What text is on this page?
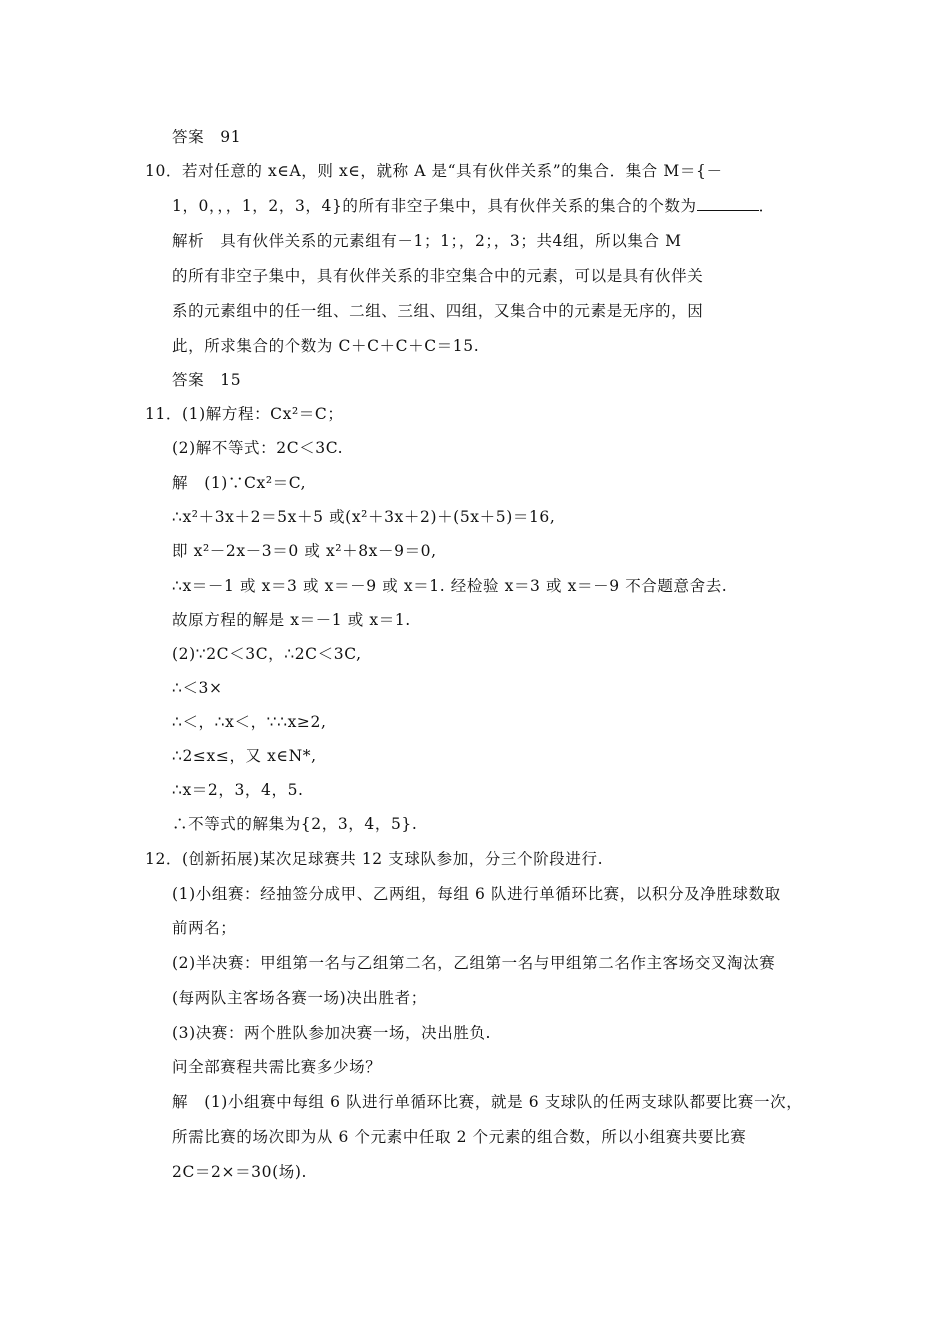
答案　91
10．若对任意的 x∈A，则 x∈，就称 A 是“具有伙伴关系”的集合．集合 M＝{－
1，0，，，1，2，3，4}的所有非空子集中，具有伙伴关系的集合的个数为	．
解析　具有伙伴关系的元素组有－1；1；，2；，3；共4组，所以集合 M
的所有非空子集中，具有伙伴关系的非空集合中的元素，可以是具有伙伴关
系的元素组中的任一组、二组、三组、四组，又集合中的元素是无序的，因
此，所求集合的个数为 C＋C＋C＋C＝15.
答案　15
11．(1)解方程：Cx²＝C；
(2)解不等式：2C＜3C.
解　(1)∵Cx²＝C,
∴x²＋3x＋2＝5x＋5 或(x²＋3x＋2)＋(5x＋5)＝16,
即 x²－2x－3＝0 或 x²＋8x－9＝0,
∴x＝－1 或 x＝3 或 x＝－9 或 x＝1. 经检验 x＝3 或 x＝－9 不合题意舍去.
故原方程的解是 x＝－1 或 x＝1.
(2)∵2C＜3C，∴2C＜3C,
∴＜3×
∴＜，∴x＜，∵∴x≥2,
∴2≤x≤，又 x∈N*,
∴x＝2，3，4，5.
∴不等式的解集为{2，3，4，5}.
12．(创新拓展)某次足球赛共 12 支球队参加，分三个阶段进行.
(1)小组赛：经抽签分成甲、乙两组，每组 6 队进行单循环比赛，以积分及净胜球数取
前两名；
(2)半决赛：甲组第一名与乙组第二名，乙组第一名与甲组第二名作主客场交叉淘汰赛
(每两队主客场各赛一场)决出胜者；
(3)决赛：两个胜队参加决赛一场，决出胜负.
问全部赛程共需比赛多少场？
解　(1)小组赛中每组 6 队进行单循环比赛，就是 6 支球队的任两支球队都要比赛一次，
所需比赛的场次即为从 6 个元素中任取 2 个元素的组合数，所以小组赛共要比赛
2C＝2×＝30(场).
